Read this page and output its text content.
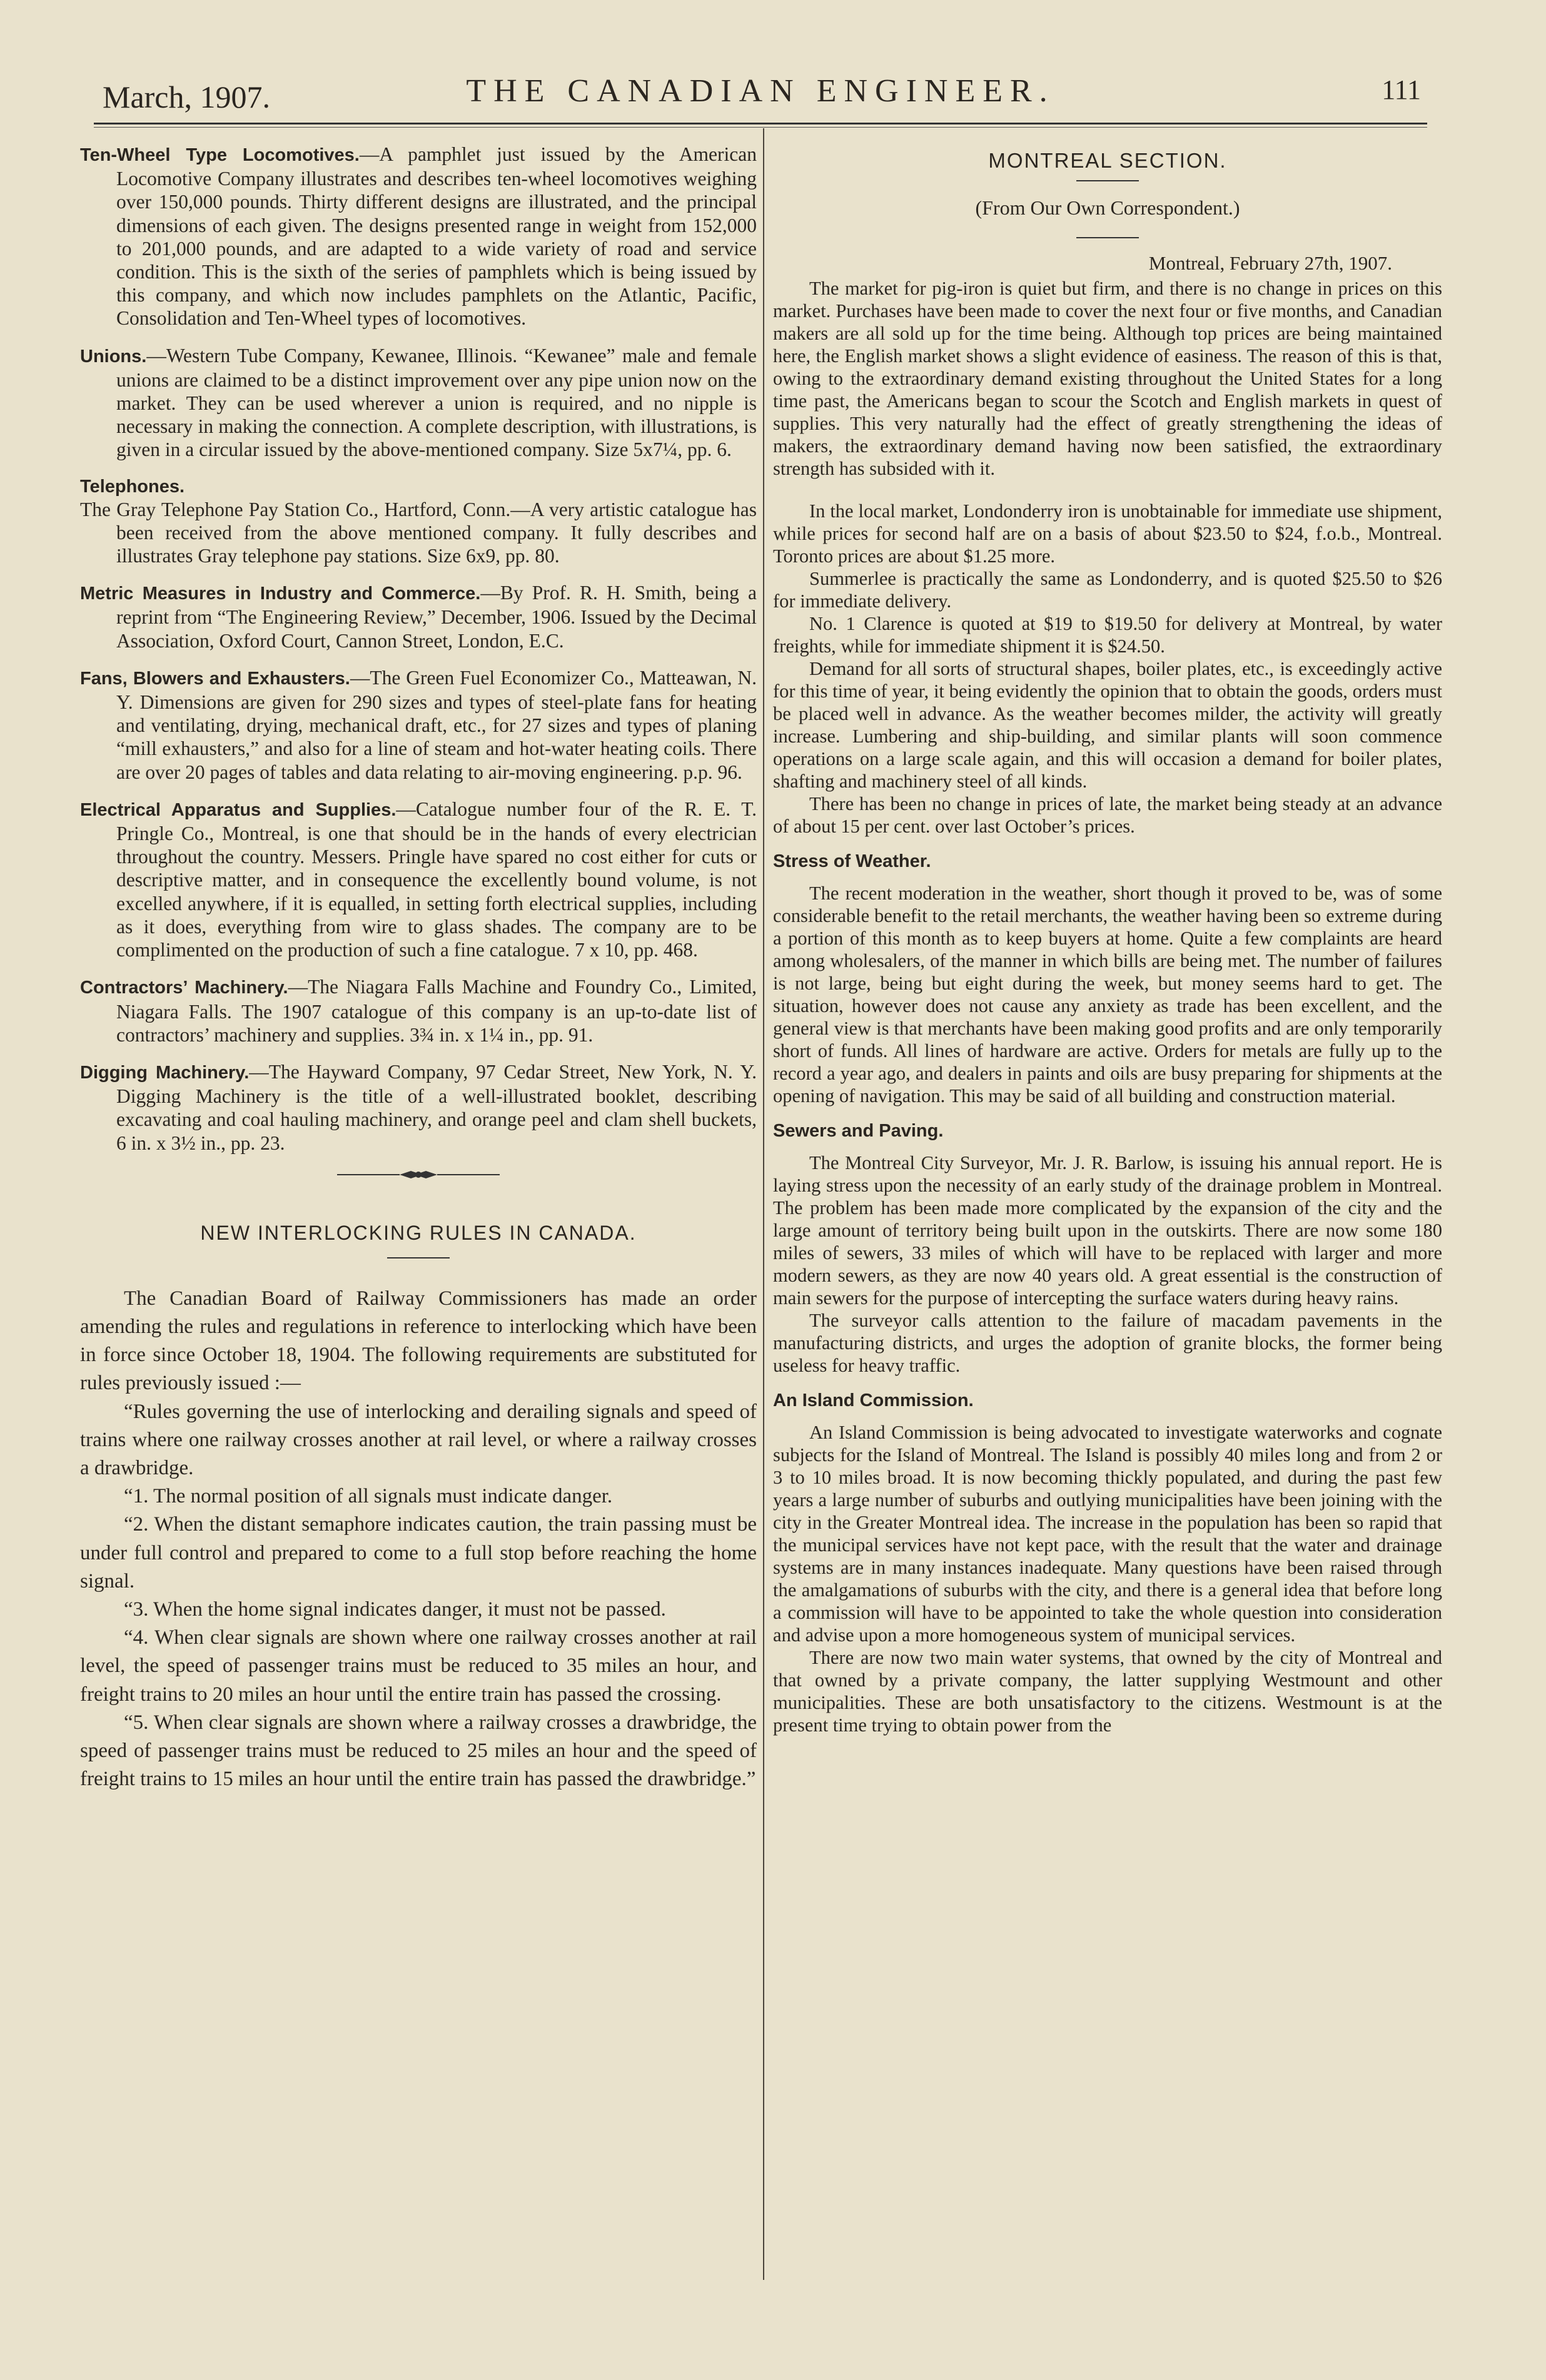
March, 1907.	THE CANADIAN ENGINEER.	111

Ten-Wheel Type Locomotives.—A pamphlet just issued by the American Locomotive Company illustrates and describes ten-wheel locomotives weighing over 150,000 pounds. Thirty different designs are illustrated, and the principal dimensions of each given. The designs presented range in weight from 152,000 to 201,000 pounds, and are adapted to a wide variety of road and service condition. This is the sixth of the series of pamphlets which is being issued by this company, and which now includes pamphlets on the Atlantic, Pacific, Consolidation and Ten-Wheel types of locomotives.

Unions.—Western Tube Company, Kewanee, Illinois. “Kewanee” male and female unions are claimed to be a distinct improvement over any pipe union now on the market. They can be used wherever a union is required, and no nipple is necessary in making the connection. A complete description, with illustrations, is given in a circular issued by the above-mentioned company. Size 5x7¼, pp. 6.

Telephones.

The Gray Telephone Pay Station Co., Hartford, Conn.—A very artistic catalogue has been received from the above mentioned company. It fully describes and illustrates Gray telephone pay stations. Size 6x9, pp. 80.

Metric Measures in Industry and Commerce.—By Prof. R. H. Smith, being a reprint from “The Engineering Review,” December, 1906. Issued by the Decimal Association, Oxford Court, Cannon Street, London, E.C.

Fans, Blowers and Exhausters.—The Green Fuel Economizer Co., Matteawan, N. Y. Dimensions are given for 290 sizes and types of steel-plate fans for heating and ventilating, drying, mechanical draft, etc., for 27 sizes and types of planing “mill exhausters,” and also for a line of steam and hot-water heating coils. There are over 20 pages of tables and data relating to air-moving engineering. p.p. 96.

Electrical Apparatus and Supplies.—Catalogue number four of the R. E. T. Pringle Co., Montreal, is one that should be in the hands of every electrician throughout the country. Messers. Pringle have spared no cost either for cuts or descriptive matter, and in consequence the excellently bound volume, is not excelled anywhere, if it is equalled, in setting forth electrical supplies, including as it does, everything from wire to glass shades. The company are to be complimented on the production of such a fine catalogue. 7 x 10, pp. 468.

Contractors’ Machinery.—The Niagara Falls Machine and Foundry Co., Limited, Niagara Falls. The 1907 catalogue of this company is an up-to-date list of contractors’ machinery and supplies. 3¾ in. x 1¼ in., pp. 91.

Digging Machinery.—The Hayward Company, 97 Cedar Street, New York, N. Y. Digging Machinery is the title of a well-illustrated booklet, describing excavating and coal hauling machinery, and orange peel and clam shell buckets, 6 in. x 3½ in., pp. 23.

NEW INTERLOCKING RULES IN CANADA.

The Canadian Board of Railway Commissioners has made an order amending the rules and regulations in reference to interlocking which have been in force since October 18, 1904. The following requirements are substituted for rules previously issued :—

“Rules governing the use of interlocking and derailing signals and speed of trains where one railway crosses another at rail level, or where a railway crosses a drawbridge.

“1. The normal position of all signals must indicate danger.

“2. When the distant semaphore indicates caution, the train passing must be under full control and prepared to come to a full stop before reaching the home signal.

“3. When the home signal indicates danger, it must not be passed.

“4. When clear signals are shown where one railway crosses another at rail level, the speed of passenger trains must be reduced to 35 miles an hour, and freight trains to 20 miles an hour until the entire train has passed the crossing.

“5. When clear signals are shown where a railway crosses a drawbridge, the speed of passenger trains must be reduced to 25 miles an hour and the speed of freight trains to 15 miles an hour until the entire train has passed the drawbridge.”

MONTREAL SECTION.
(From Our Own Correspondent.)
Montreal, February 27th, 1907.

The market for pig-iron is quiet but firm, and there is no change in prices on this market. Purchases have been made to cover the next four or five months, and Canadian makers are all sold up for the time being. Although top prices are being maintained here, the English market shows a slight evidence of easiness. The reason of this is that, owing to the extraordinary demand existing throughout the United States for a long time past, the Americans began to scour the Scotch and English markets in quest of supplies. This very naturally had the effect of greatly strengthening the ideas of makers, the extraordinary demand having now been satisfied, the extraordinary strength has subsided with it.

In the local market, Londonderry iron is unobtainable for immediate use shipment, while prices for second half are on a basis of about $23.50 to $24, f.o.b., Montreal. Toronto prices are about $1.25 more.

Summerlee is practically the same as Londonderry, and is quoted $25.50 to $26 for immediate delivery.

No. 1 Clarence is quoted at $19 to $19.50 for delivery at Montreal, by water freights, while for immediate shipment it is $24.50.

Demand for all sorts of structural shapes, boiler plates, etc., is exceedingly active for this time of year, it being evidently the opinion that to obtain the goods, orders must be placed well in advance. As the weather becomes milder, the activity will greatly increase. Lumbering and ship-building, and similar plants will soon commence operations on a large scale again, and this will occasion a demand for boiler plates, shafting and machinery steel of all kinds.

There has been no change in prices of late, the market being steady at an advance of about 15 per cent. over last October’s prices.

Stress of Weather.

The recent moderation in the weather, short though it proved to be, was of some considerable benefit to the retail merchants, the weather having been so extreme during a portion of this month as to keep buyers at home. Quite a few complaints are heard among wholesalers, of the manner in which bills are being met. The number of failures is not large, being but eight during the week, but money seems hard to get. The situation, however does not cause any anxiety as trade has been excellent, and the general view is that merchants have been making good profits and are only temporarily short of funds. All lines of hardware are active. Orders for metals are fully up to the record a year ago, and dealers in paints and oils are busy preparing for shipments at the opening of navigation. This may be said of all building and construction material.

Sewers and Paving.

The Montreal City Surveyor, Mr. J. R. Barlow, is issuing his annual report. He is laying stress upon the necessity of an early study of the drainage problem in Montreal. The problem has been made more complicated by the expansion of the city and the large amount of territory being built upon in the outskirts. There are now some 180 miles of sewers, 33 miles of which will have to be replaced with larger and more modern sewers, as they are now 40 years old. A great essential is the construction of main sewers for the purpose of intercepting the surface waters during heavy rains.

The surveyor calls attention to the failure of macadam pavements in the manufacturing districts, and urges the adoption of granite blocks, the former being useless for heavy traffic.

An Island Commission.

An Island Commission is being advocated to investigate waterworks and cognate subjects for the Island of Montreal. The Island is possibly 40 miles long and from 2 or 3 to 10 miles broad. It is now becoming thickly populated, and during the past few years a large number of suburbs and outlying municipalities have been joining with the city in the Greater Montreal idea. The increase in the population has been so rapid that the municipal services have not kept pace, with the result that the water and drainage systems are in many instances inadequate. Many questions have been raised through the amalgamations of suburbs with the city, and there is a general idea that before long a commission will have to be appointed to take the whole question into consideration and advise upon a more homogeneous system of municipal services.

There are now two main water systems, that owned by the city of Montreal and that owned by a private company, the latter supplying Westmount and other municipalities. These are both unsatisfactory to the citizens. Westmount is at the present time trying to obtain power from the
